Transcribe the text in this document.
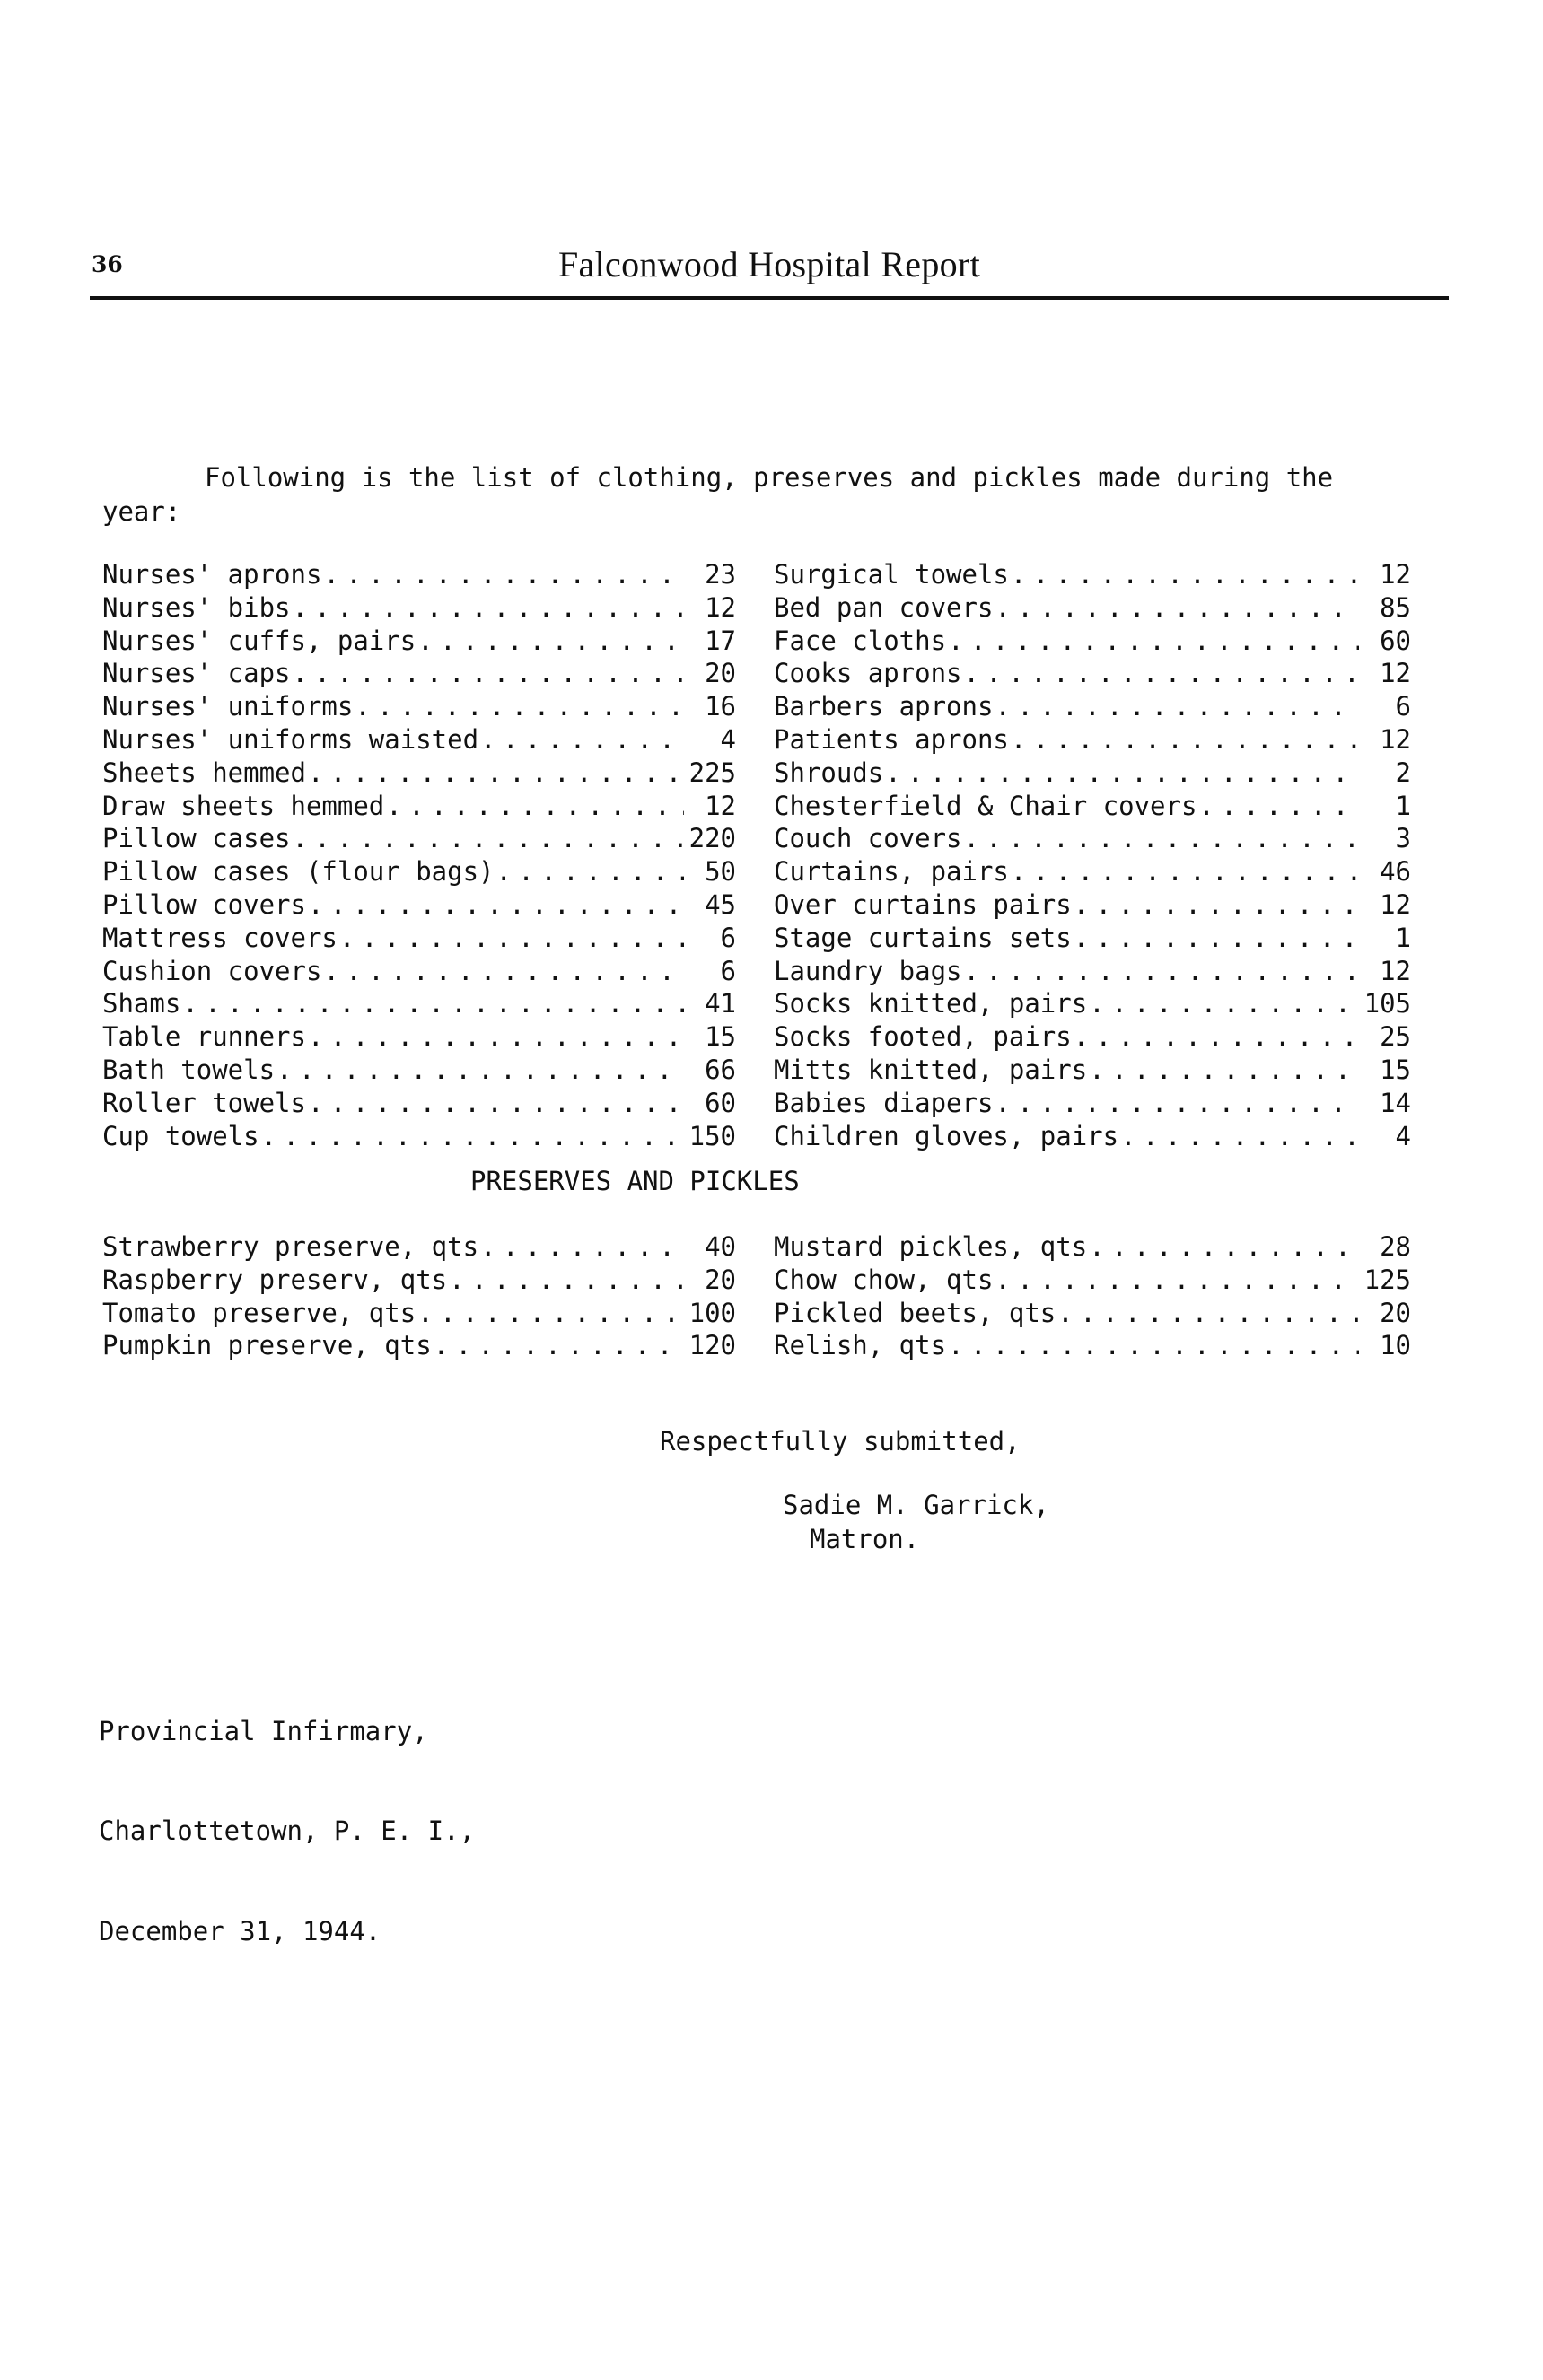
36	Falconwood Hospital Report
Following is the list of clothing, preserves and pickles made during the year:
Nurses' aprons . . .	23
Nurses' bibs . . .	12
Nurses' cuffs, pairs . . .	17
Nurses' caps . . .	20
Nurses' uniforms . . .	16
Nurses' uniforms waisted . . .	4
Sheets hemmed . . .	225
Draw sheets hemmed . . .	12
Pillow cases . . .	220
Pillow cases (flour bags) . . .	50
Pillow covers . . .	45
Mattress covers . . .	6
Cushion covers . . .	6
Shams . . .	41
Table runners . . .	15
Bath towels . . .	66
Roller towels . . .	60
Cup towels . . .	150
Surgical towels . . .	12
Bed pan covers . . .	85
Face cloths . . .	60
Cooks aprons . . .	12
Barbers aprons . . .	6
Patients aprons . . .	12
Shrouds . . .	2
Chesterfield & Chair covers . . .	1
Couch covers . . .	3
Curtains, pairs . . .	46
Over curtains pairs . . .	12
Stage curtains sets . . .	1
Laundry bags . . .	12
Socks knitted, pairs . . .	105
Socks footed, pairs . . .	25
Mitts knitted, pairs . . .	15
Babies diapers . . .	14
Children gloves, pairs . . .	4
PRESERVES AND PICKLES
Strawberry preserve, qts . . .	40
Raspberry preserv, qts . . .	20
Tomato preserve, qts . . .	100
Pumpkin preserve, qts . . .	120
Mustard pickles, qts . . .	28
Chow chow, qts . . .	125
Pickled beets, qts . . .	20
Relish, qts . . .	10
Respectfully submitted,
Sadie M. Garrick,
Matron.

Provincial Infirmary,

Charlottetown, P. E. I.,

December 31, 1944.
